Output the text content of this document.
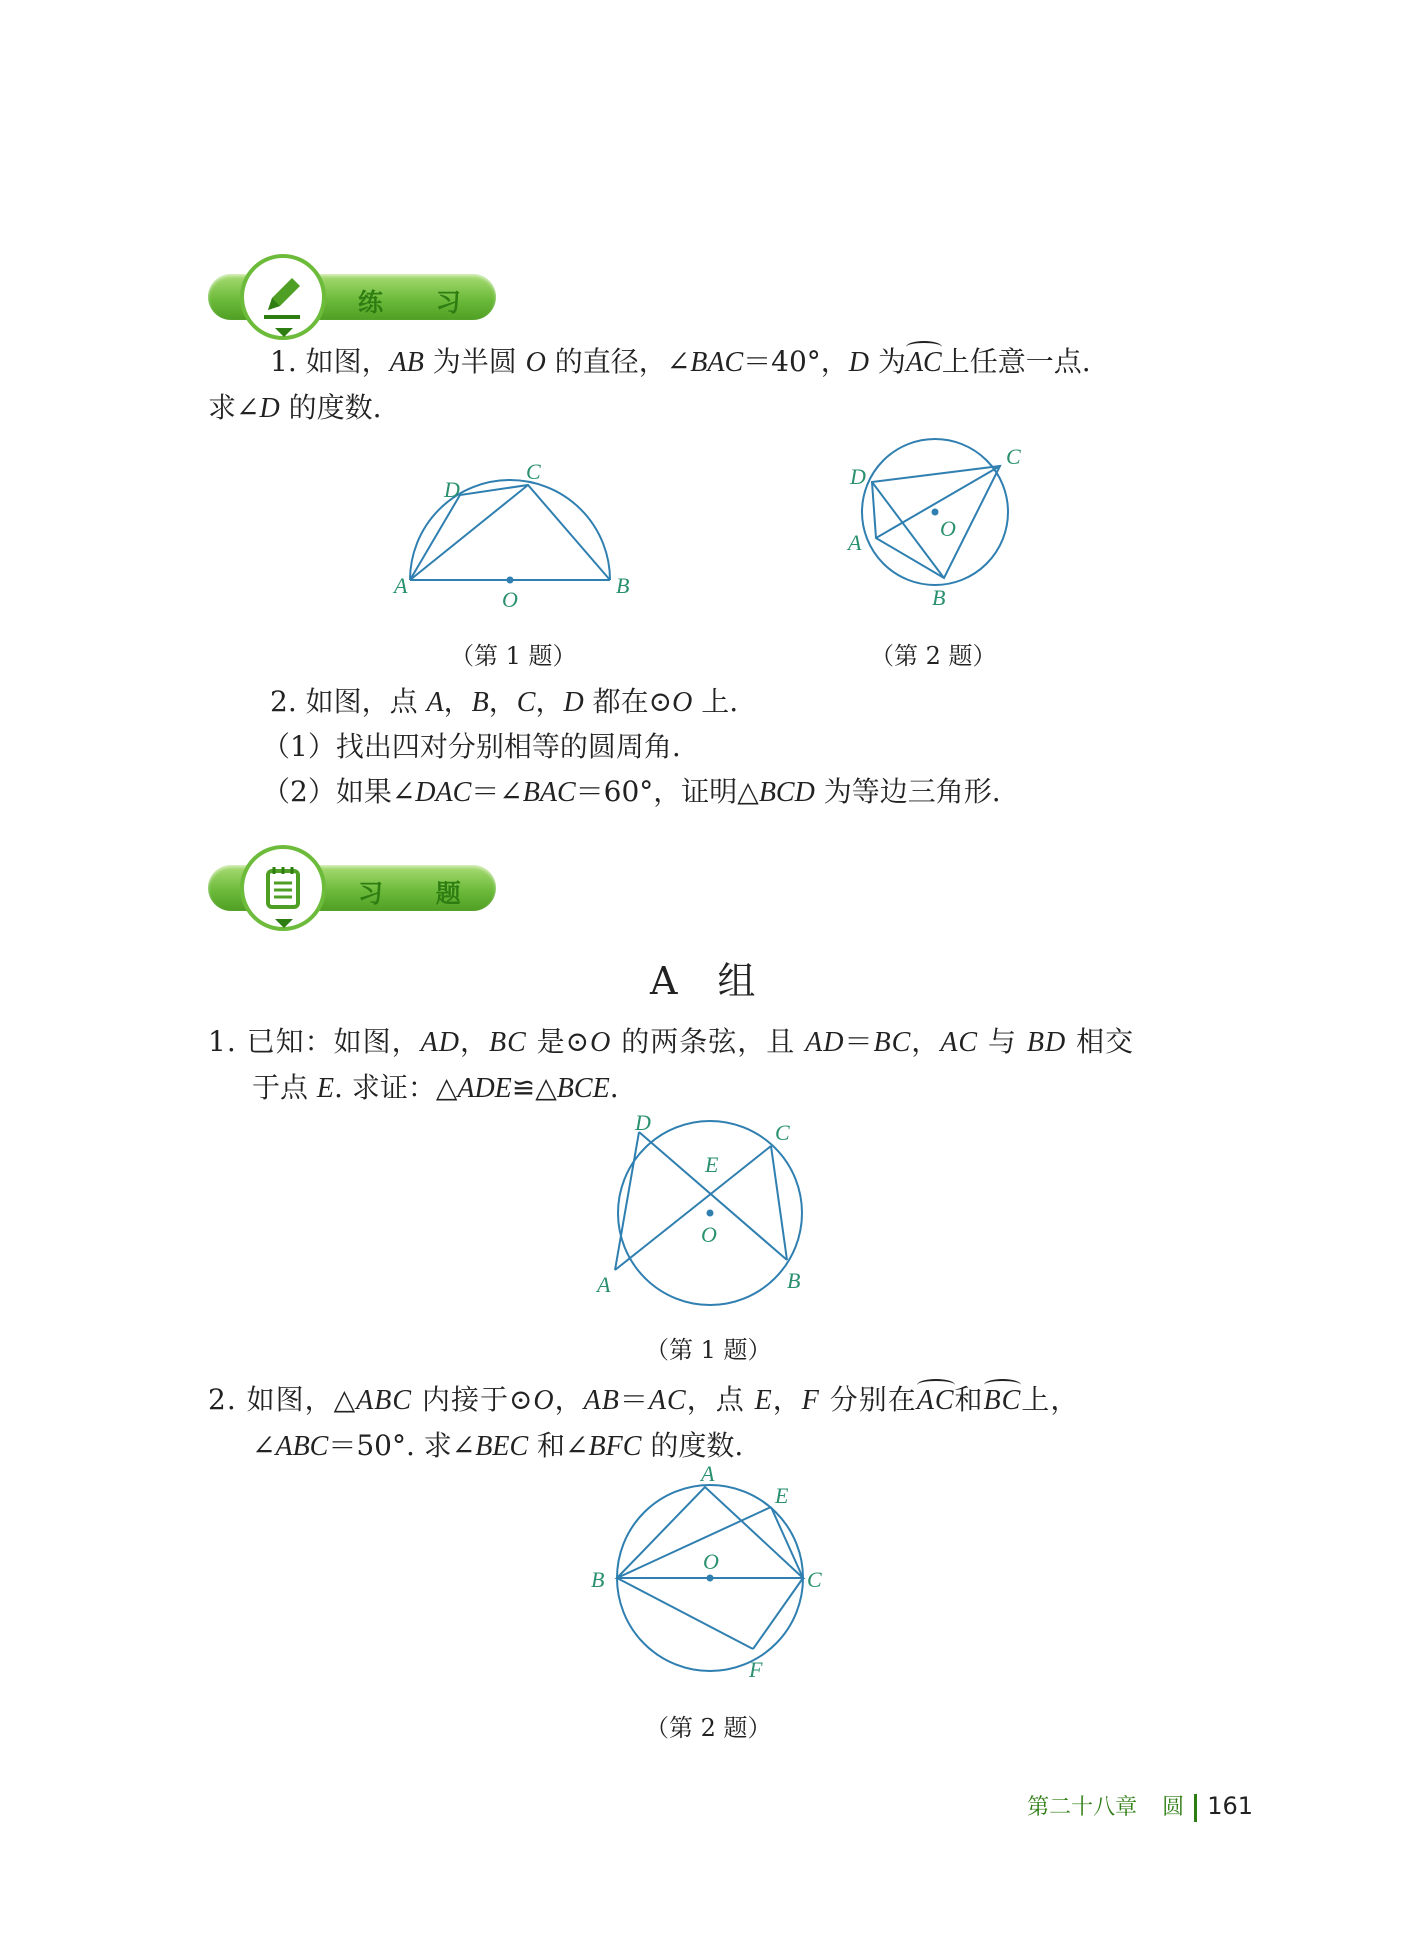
练 习
1. 如图，AB 为半圆 O 的直径，∠BAC＝40°，D 为AC上任意一点.
求∠D 的度数.
A	B
C
D
O
A
B
C
D
O
（第 1 题）	（第 2 题）
2. 如图，点 A，B，C，D 都在⊙O 上.
（1）找出四对分别相等的圆周角.
（2）如果∠DAC＝∠BAC＝60°，证明△BCD 为等边三角形.
习 题
A 组
1. 已知：如图，AD，BC 是⊙O 的两条弦，且 AD＝BC，AC 与 BD 相交
于点 E. 求证：△ADE≌△BCE.
A	B
C
D
E
O
（第 1 题）
2. 如图，△ABC 内接于⊙O，AB＝AC，点 E，F 分别在AC和BC上，
∠ABC＝50°. 求∠BEC 和∠BFC 的度数.
A
B	C
E
F
O
（第 2 题）
第二十八章 圆 161
